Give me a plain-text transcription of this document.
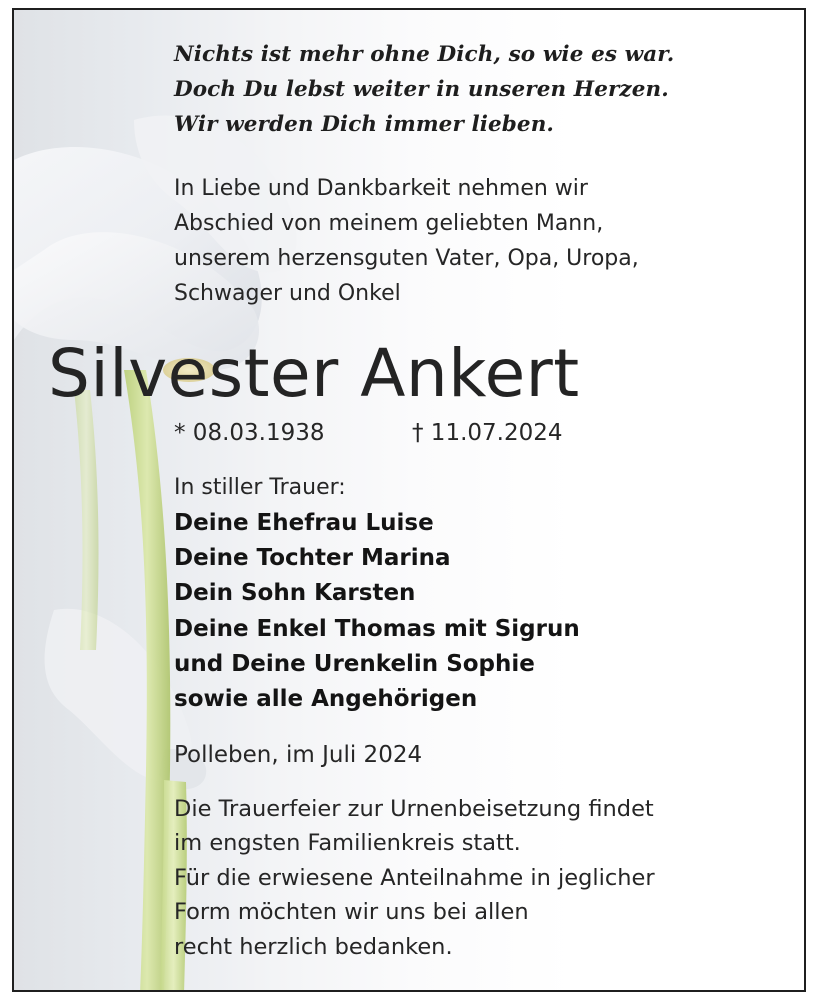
Nichts ist mehr ohne Dich, so wie es war.

Doch Du lebst weiter in unseren Herzen.

Wir werden Dich immer lieben.

In Liebe und Dankbarkeit nehmen wir

Abschied von meinem geliebten Mann,

unserem herzensguten Vater, Opa, Uropa,

Schwager und Onkel

Silvester Ankert

* 08.03.1938	† 11.07.2024

In stiller Trauer:

Deine Ehefrau Luise

Deine Tochter Marina

Dein Sohn Karsten

Deine Enkel Thomas mit Sigrun

und Deine Urenkelin Sophie

sowie alle Angehörigen

Polleben, im Juli 2024

Die Trauerfeier zur Urnenbeisetzung findet

im engsten Familienkreis statt.

Für die erwiesene Anteilnahme in jeglicher

Form möchten wir uns bei allen

recht herzlich bedanken.
